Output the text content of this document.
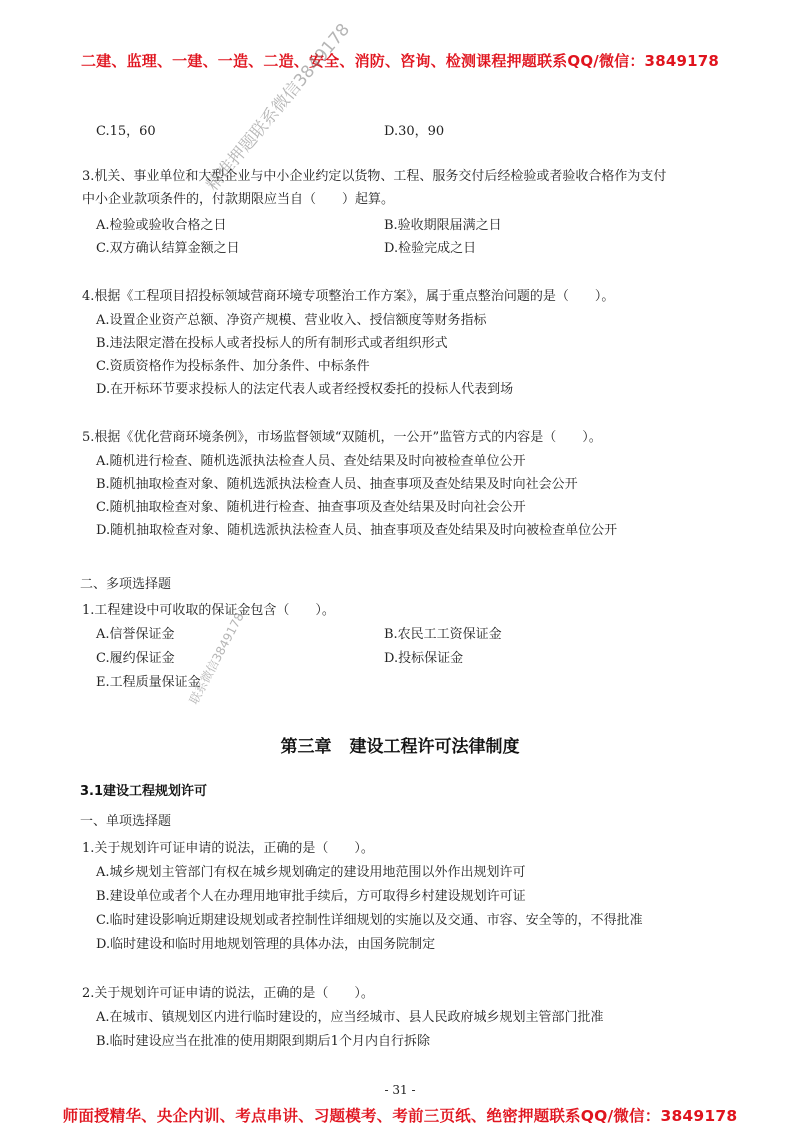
二建、监理、一建、一造、二造、安全、消防、咨询、检测课程押题联系QQ/微信：3849178
精准押题联系微信3849178
联系微信3849178
C.15，60	D.30，90
3.机关、事业单位和大型企业与中小企业约定以货物、工程、服务交付后经检验或者验收合格作为支付
中小企业款项条件的，付款期限应当自（　　）起算。
A.检验或验收合格之日	B.验收期限届满之日
C.双方确认结算金额之日	D.检验完成之日
4.根据《工程项目招投标领域营商环境专项整治工作方案》，属于重点整治问题的是（　　）。
A.设置企业资产总额、净资产规模、营业收入、授信额度等财务指标
B.违法限定潜在投标人或者投标人的所有制形式或者组织形式
C.资质资格作为投标条件、加分条件、中标条件
D.在开标环节要求投标人的法定代表人或者经授权委托的投标人代表到场
5.根据《优化营商环境条例》，市场监督领域“双随机，一公开”监管方式的内容是（　　）。
A.随机进行检查、随机选派执法检查人员、查处结果及时向被检查单位公开
B.随机抽取检查对象、随机选派执法检查人员、抽查事项及查处结果及时向社会公开
C.随机抽取检查对象、随机进行检查、抽查事项及查处结果及时向社会公开
D.随机抽取检查对象、随机选派执法检查人员、抽查事项及查处结果及时向被检查单位公开
二、多项选择题
1.工程建设中可收取的保证金包含（　　）。
A.信誉保证金	B.农民工工资保证金
C.履约保证金	D.投标保证金
E.工程质量保证金
第三章 建设工程许可法律制度
3.1建设工程规划许可
一、单项选择题
1.关于规划许可证申请的说法，正确的是（　　）。
A.城乡规划主管部门有权在城乡规划确定的建设用地范围以外作出规划许可
B.建设单位或者个人在办理用地审批手续后，方可取得乡村建设规划许可证
C.临时建设影响近期建设规划或者控制性详细规划的实施以及交通、市容、安全等的，不得批准
D.临时建设和临时用地规划管理的具体办法，由国务院制定
2.关于规划许可证申请的说法，正确的是（　　）。
A.在城市、镇规划区内进行临时建设的，应当经城市、县人民政府城乡规划主管部门批准
B.临时建设应当在批准的使用期限到期后1个月内自行拆除
- 31 -
师面授精华、央企内训、考点串讲、习题模考、考前三页纸、绝密押题联系QQ/微信：3849178
